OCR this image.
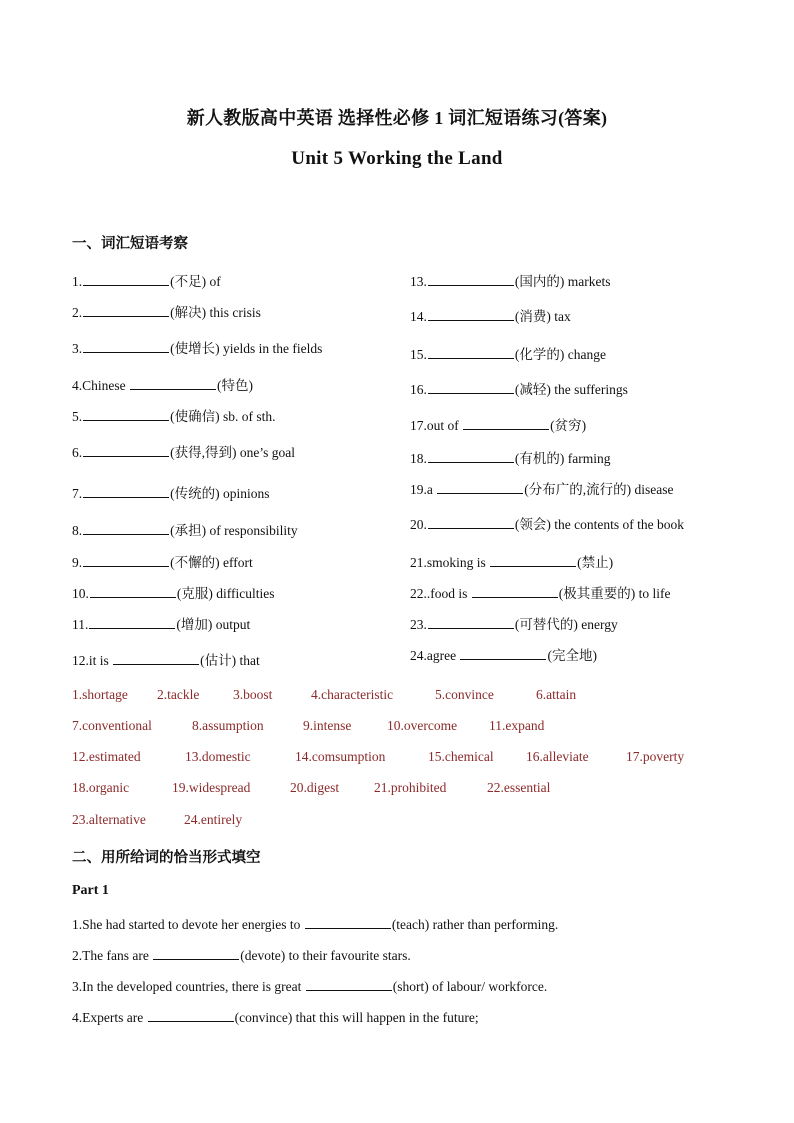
新人教版高中英语 选择性必修 1 词汇短语练习(答案)
Unit 5 Working the Land
一、词汇短语考察
1.	(不足) of
2.	(解决) this crisis
3.	(使增长) yields in the fields
4.Chinese	(特色)
5.	(使确信) sb. of sth.
6.	(获得,得到) one’s goal
7.	(传统的) opinions
8.	(承担) of responsibility
9.	(不懈的) effort
10.	(克服) difficulties
11.	(增加) output
12.it is	(估计) that
13.	(国内的) markets
14.	(消费) tax
15.	(化学的) change
16.	(减轻) the sufferings
17.out of	(贫穷)
18.	(有机的) farming
19.a	(分布广的,流行的) disease
20.	(领会) the contents of the book
21.smoking is	(禁止)
22..food is	(极其重要的) to life
23.	(可替代的) energy
24.agree	(完全地)
1.shortage 2.tackle 3.boost	4.characteristic	5.convince	6.attain
7.conventional	8.assumption	9.intense	10.overcome 11.expand
12.estimated	13.domestic	14.comsumption	15.chemical 16.alleviate	17.poverty
18.organic	19.widespread	20.digest	21.prohibited	22.essential
23.alternative	24.entirely
二、用所给词的恰当形式填空
Part 1
1.She had started to devote her energies to	(teach) rather than performing.
2.The fans are	(devote) to their favourite stars.
3.In the developed countries, there is great	(short) of labour/ workforce.
4.Experts are	(convince) that this will happen in the future;
